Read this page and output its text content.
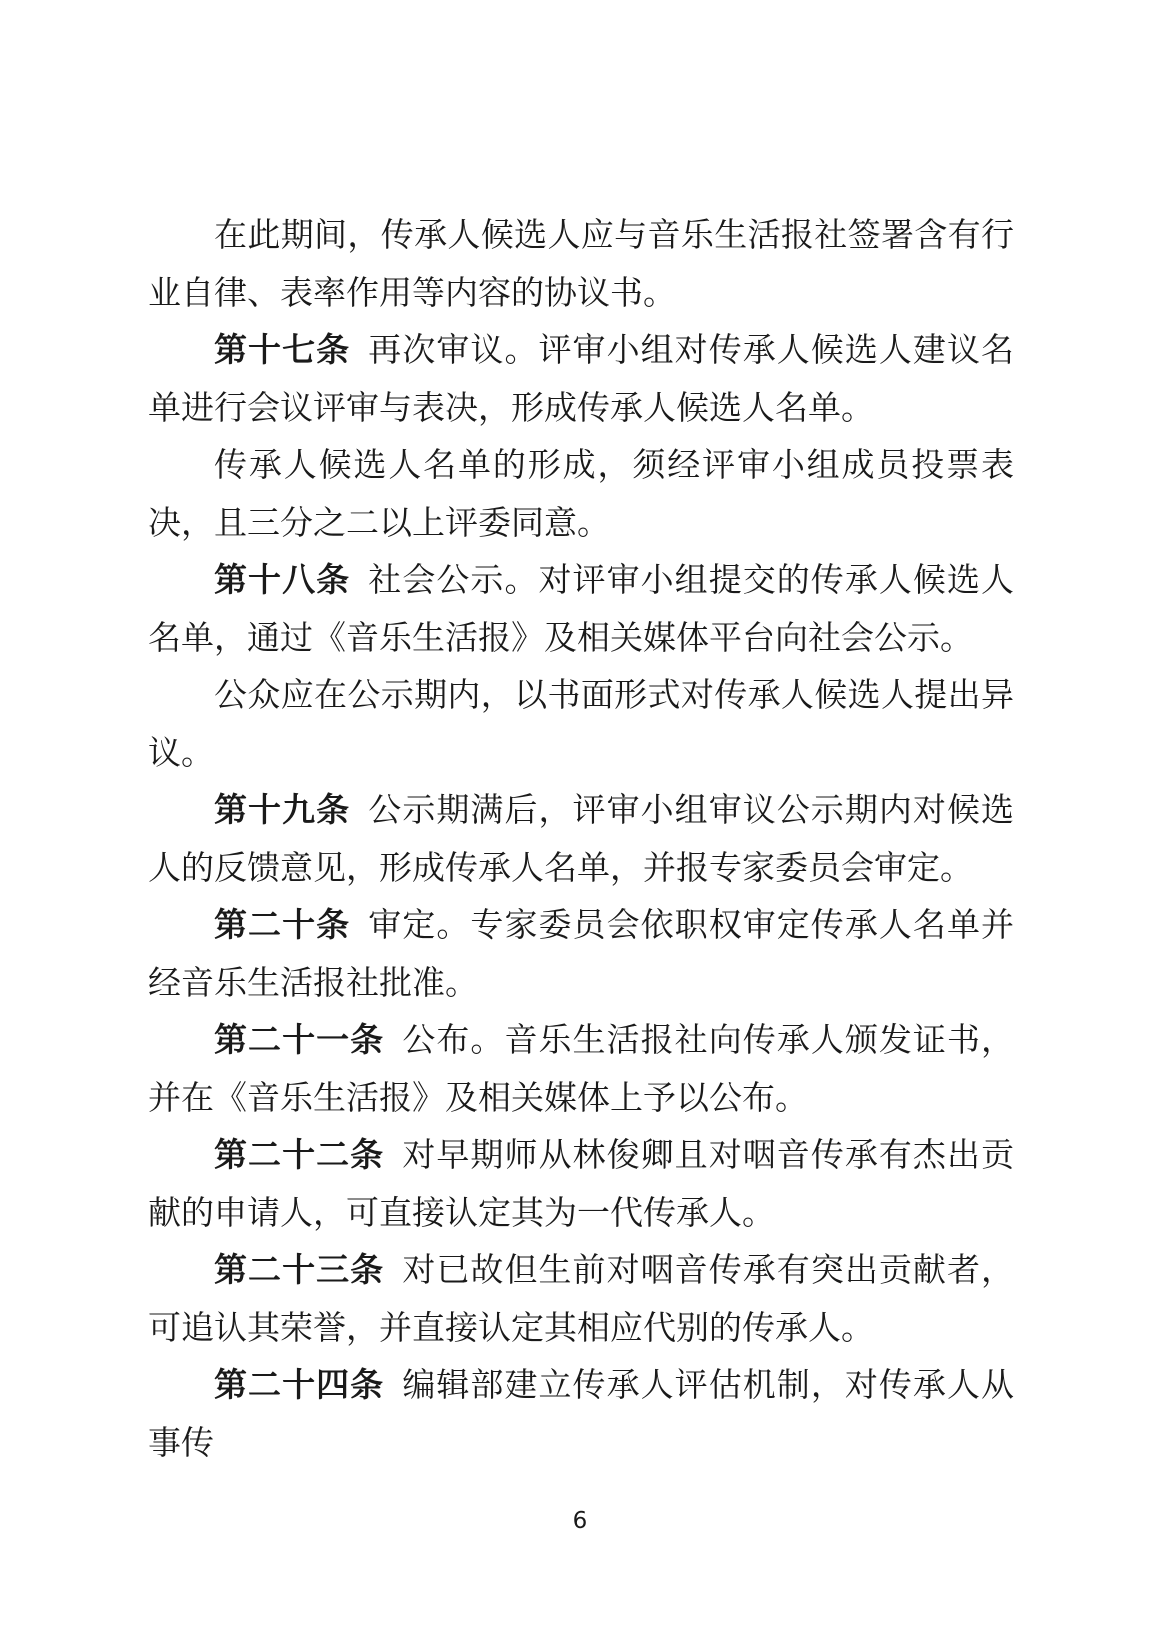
在此期间，传承人候选人应与音乐生活报社签署含有行业自律、表率作用等内容的协议书。

第十七条 再次审议。评审小组对传承人候选人建议名单进行会议评审与表决，形成传承人候选人名单。

传承人候选人名单的形成，须经评审小组成员投票表决，且三分之二以上评委同意。

第十八条 社会公示。对评审小组提交的传承人候选人名单，通过《音乐生活报》及相关媒体平台向社会公示。

公众应在公示期内，以书面形式对传承人候选人提出异议。

第十九条 公示期满后，评审小组审议公示期内对候选人的反馈意见，形成传承人名单，并报专家委员会审定。

第二十条 审定。专家委员会依职权审定传承人名单并经音乐生活报社批准。

第二十一条 公布。音乐生活报社向传承人颁发证书，并在《音乐生活报》及相关媒体上予以公布。

第二十二条 对早期师从林俊卿且对咽音传承有杰出贡献的申请人，可直接认定其为一代传承人。

第二十三条 对已故但生前对咽音传承有突出贡献者，可追认其荣誉，并直接认定其相应代别的传承人。

第二十四条 编辑部建立传承人评估机制，对传承人从事传

6
